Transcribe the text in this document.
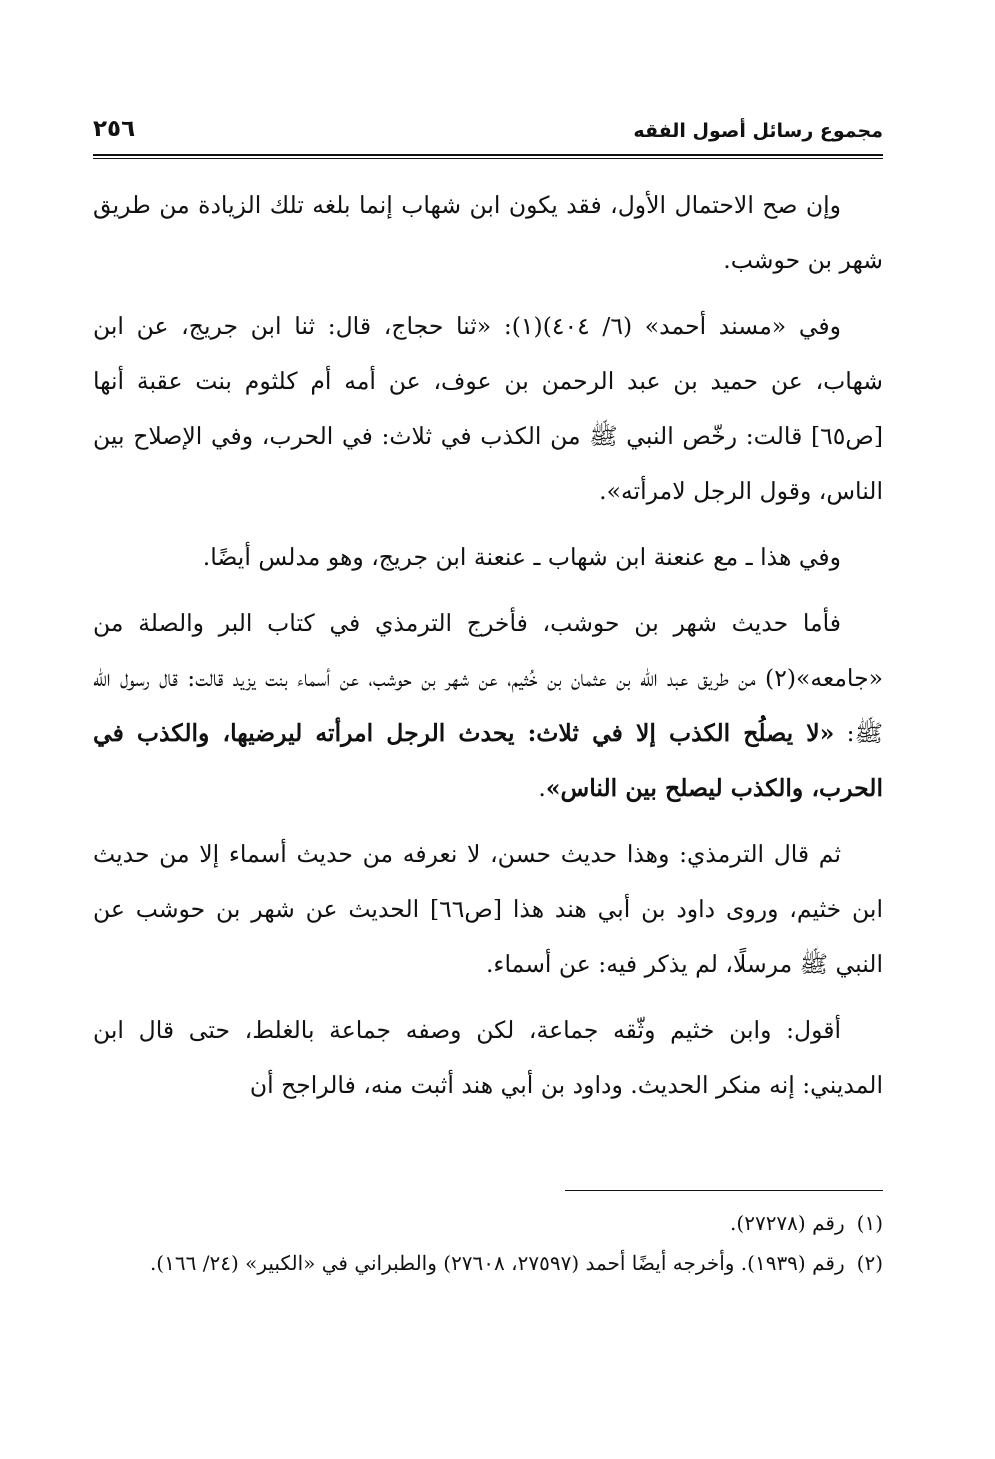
مجموع رسائل أصول الفقه
٢٥٦

وإن صح الاحتمال الأول، فقد يكون ابن شهاب إنما بلغه تلك الزيادة من طريق شهر بن حوشب.

وفي «مسند أحمد» (٦/ ٤٠٤)(١): «ثنا حجاج، قال: ثنا ابن جريج، عن ابن شهاب، عن حميد بن عبد الرحمن بن عوف، عن أمه أم كلثوم بنت عقبة أنها [ص٦٥] قالت: رخّص النبي ﷺ من الكذب في ثلاث: في الحرب، وفي الإصلاح بين الناس، وقول الرجل لامرأته».

وفي هذا ـ مع عنعنة ابن شهاب ـ عنعنة ابن جريج، وهو مدلس أيضًا.

فأما حديث شهر بن حوشب، فأخرج الترمذي في كتاب البر والصلة من «جامعه»(٢) من طريق عبد الله بن عثمان بن خُثيم، عن شهر بن حوشب، عن أسماء بنت يزيد قالت: قال رسول الله ﷺ: «لا يصلُح الكذب إلا في ثلاث: يحدث الرجل امرأته ليرضيها، والكذب في الحرب، والكذب ليصلح بين الناس».

ثم قال الترمذي: وهذا حديث حسن، لا نعرفه من حديث أسماء إلا من حديث ابن خثيم، وروى داود بن أبي هند هذا [ص٦٦] الحديث عن شهر بن حوشب عن النبي ﷺ مرسلًا، لم يذكر فيه: عن أسماء.

أقول: وابن خثيم وثّقه جماعة، لكن وصفه جماعة بالغلط، حتى قال ابن المديني: إنه منكر الحديث. وداود بن أبي هند أثبت منه، فالراجح أن

(١)رقم (٢٧٢٧٨).

(٢)رقم (١٩٣٩). وأخرجه أيضًا أحمد (٢٧٥٩٧، ٢٧٦٠٨) والطبراني في «الكبير» (٢٤/ ١٦٦).
